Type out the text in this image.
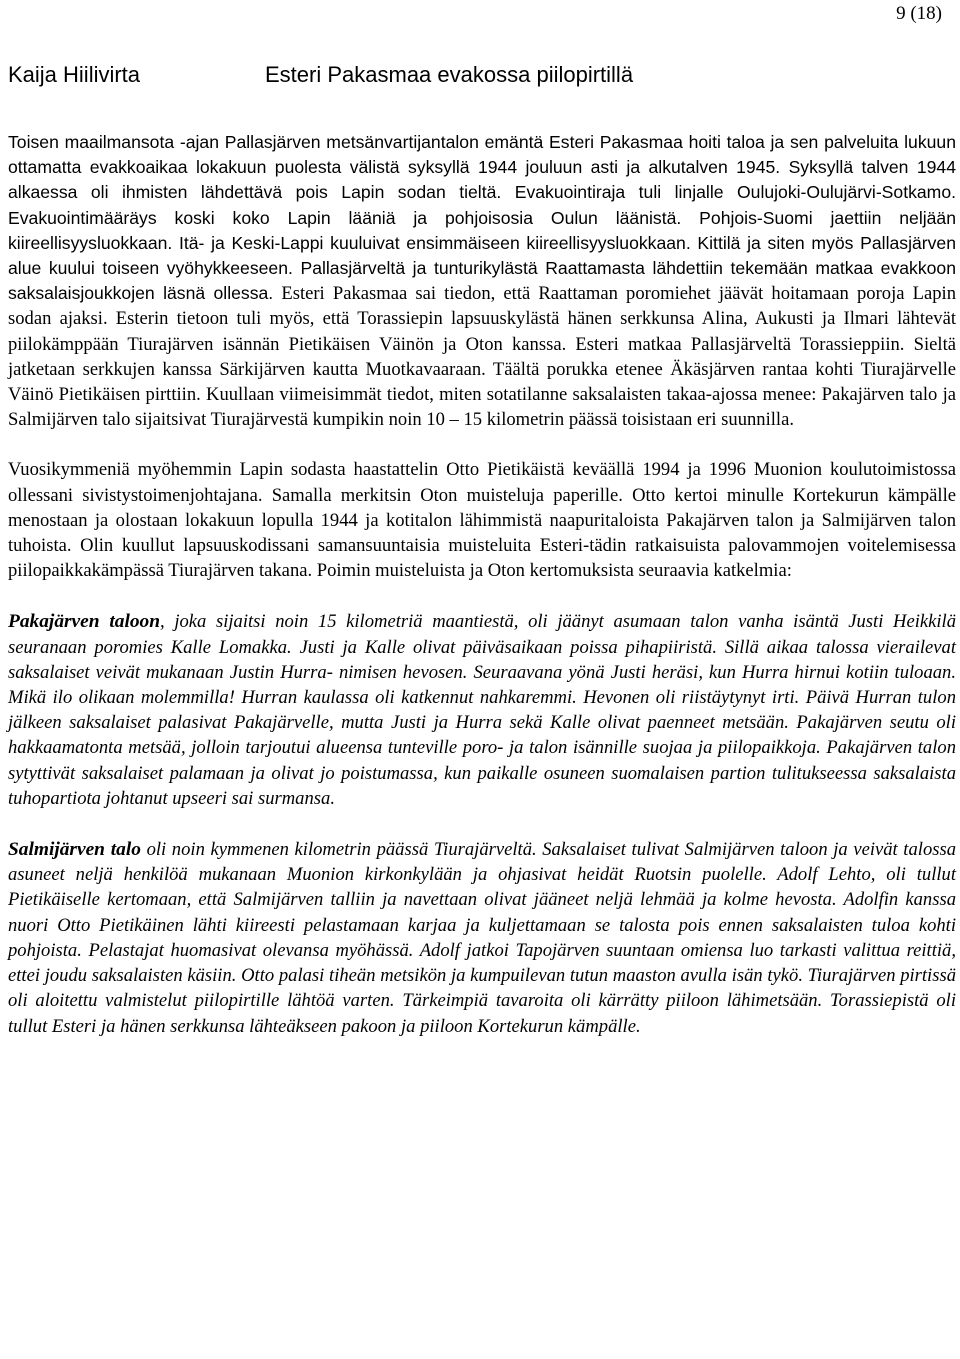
9 (18)
Kaija Hiilivirta	Esteri Pakasmaa evakossa piilopirtillä

Toisen maailmansota -ajan Pallasjärven metsänvartijantalon emäntä Esteri Pakasmaa hoiti taloa ja sen palveluita lukuun ottamatta evakkoaikaa lokakuun puolesta välistä syksyllä 1944 jouluun asti ja alkutalven 1945. Syksyllä talven 1944 alkaessa oli ihmisten lähdettävä pois Lapin sodan tieltä. Evakuointiraja tuli linjalle Oulujoki-Oulujärvi-Sotkamo. Evakuointimääräys koski koko Lapin lääniä ja pohjoisosia Oulun läänistä. Pohjois-Suomi jaettiin neljään kiireellisyysluokkaan. Itä- ja Keski-Lappi kuuluivat ensimmäiseen kiireellisyysluokkaan. Kittilä ja siten myös Pallasjärven alue kuului toiseen vyöhykkeeseen. Pallasjärveltä ja tunturikylästä Raattamasta lähdettiin tekemään matkaa evakkoon saksalaisjoukkojen läsnä ollessa. Esteri Pakasmaa sai tiedon, että Raattaman poromiehet jäävät hoitamaan poroja Lapin sodan ajaksi. Esterin tietoon tuli myös, että Torassiepin lapsuuskylästä hänen serkkunsa Alina, Aukusti ja Ilmari lähtevät piilokämppään Tiurajärven isännän Pietikäisen Väinön ja Oton kanssa. Esteri matkaa Pallasjärveltä Torassieppiin. Sieltä jatketaan serkkujen kanssa Särkijärven kautta Muotkavaaraan. Täältä porukka etenee Äkäsjärven rantaa kohti Tiurajärvelle Väinö Pietikäisen pirttiin. Kuullaan viimeisimmät tiedot, miten sotatilanne saksalaisten takaa-ajossa menee: Pakajärven talo ja Salmijärven talo sijaitsivat Tiurajärvestä kumpikin noin 10 – 15 kilometrin päässä toisistaan eri suunnilla.

Vuosikymmeniä myöhemmin Lapin sodasta haastattelin Otto Pietikäistä keväällä 1994 ja 1996 Muonion koulutoimistossa ollessani sivistystoimenjohtajana. Samalla merkitsin Oton muisteluja paperille. Otto kertoi minulle Kortekurun kämpälle menostaan ja olostaan lokakuun lopulla 1944 ja kotitalon lähimmistä naapuritaloista Pakajärven talon ja Salmijärven talon tuhoista. Olin kuullut lapsuuskodissani samansuuntaisia muisteluita Esteri-tädin ratkaisuista palovammojen voitelemisessa piilopaikkakämpässä Tiurajärven takana. Poimin muisteluista ja Oton kertomuksista seuraavia katkelmia:

Pakajärven taloon, joka sijaitsi noin 15 kilometriä maantiestä, oli jäänyt asumaan talon vanha isäntä Justi Heikkilä seuranaan poromies Kalle Lomakka. Justi ja Kalle olivat päiväsaikaan poissa pihapiiristä. Sillä aikaa talossa vierailevat saksalaiset veivät mukanaan Justin Hurra- nimisen hevosen. Seuraavana yönä Justi heräsi, kun Hurra hirnui kotiin tuloaan. Mikä ilo olikaan molemmilla! Hurran kaulassa oli katkennut nahkaremmi. Hevonen oli riistäytynyt irti. Päivä Hurran tulon jälkeen saksalaiset palasivat Pakajärvelle, mutta Justi ja Hurra sekä Kalle olivat paenneet metsään. Pakajärven seutu oli hakkaamatonta metsää, jolloin tarjoutui alueensa tunteville poro- ja talon isännille suojaa ja piilopaikkoja. Pakajärven talon sytyttivät saksalaiset palamaan ja olivat jo poistumassa, kun paikalle osuneen suomalaisen partion tulitukseessa saksalaista tuhopartiota johtanut upseeri sai surmansa.

Salmijärven talo oli noin kymmenen kilometrin päässä Tiurajärveltä. Saksalaiset tulivat Salmijärven taloon ja veivät talossa asuneet neljä henkilöä mukanaan Muonion kirkonkylään ja ohjasivat heidät Ruotsin puolelle. Adolf Lehto, oli tullut Pietikäiselle kertomaan, että Salmijärven talliin ja navettaan olivat jääneet neljä lehmää ja kolme hevosta. Adolfin kanssa nuori Otto Pietikäinen lähti kiireesti pelastamaan karjaa ja kuljettamaan se talosta pois ennen saksalaisten tuloa kohti pohjoista. Pelastajat huomasivat olevansa myöhässä. Adolf jatkoi Tapojärven suuntaan omiensa luo tarkasti valittua reittiä, ettei joudu saksalaisten käsiin. Otto palasi tiheän metsikön ja kumpuilevan tutun maaston avulla isän tykö. Tiurajärven pirtissä oli aloitettu valmistelut piilopirtille lähtöä varten. Tärkeimpiä tavaroita oli kärrätty piiloon lähimetsään. Torassiepistä oli tullut Esteri ja hänen serkkunsa lähteäkseen pakoon ja piiloon Kortekurun kämpälle.
